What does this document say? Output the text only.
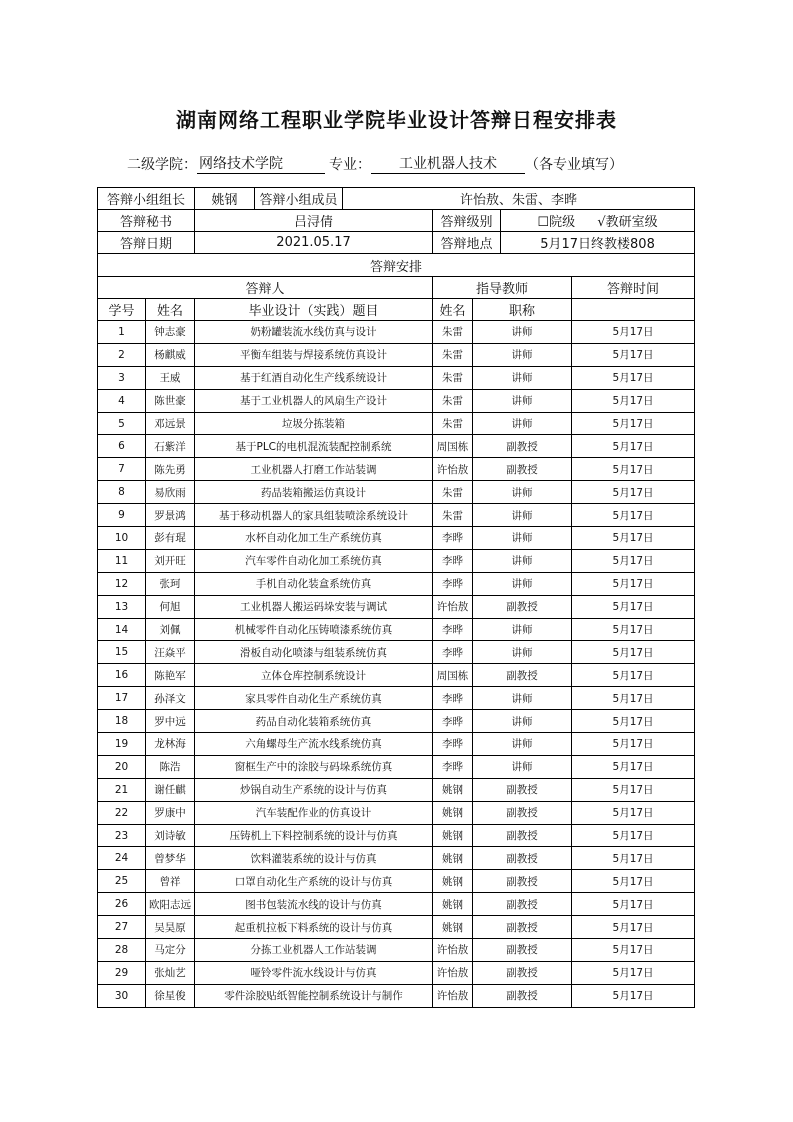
湖南网络工程职业学院毕业设计答辩日程安排表
二级学院： 网络技术学院	专业：	工业机器人技术	（各专业填写）
答辩小组组长		姚钢	答辩小组成员	许怡敖、朱雷、李晔				
答辩秘书		吕浔倩			答辩级别		☐院级 √教研室级	
答辩日期		2021.05.17			答辩地点		5月17日终教楼808	
答辩安排								
答辩人					指导教师			答辩时间
学号	姓名	毕业设计（实践）题目			姓名	职称		
1	钟志豪	奶粉罐装流水线仿真与设计			朱雷	讲师		5月17日
2	杨麒威	平衡车组装与焊接系统仿真设计			朱雷	讲师		5月17日
3	王威	基于红酒自动化生产线系统设计			朱雷	讲师		5月17日
4	陈世豪	基于工业机器人的风扇生产设计			朱雷	讲师		5月17日
5	邓远景	垃圾分拣装箱			朱雷	讲师		5月17日
6	石紫洋	基于PLC的电机混流装配控制系统			周国栋	副教授		5月17日
7	陈先勇	工业机器人打磨工作站装调			许怡敖	副教授		5月17日
8	易欣雨	药品装箱搬运仿真设计			朱雷	讲师		5月17日
9	罗景鸿	基于移动机器人的家具组装喷涂系统设计			朱雷	讲师		5月17日
10	彭有琨	水杯自动化加工生产系统仿真			李晔	讲师		5月17日
11	刘开旺	汽车零件自动化加工系统仿真			李晔	讲师		5月17日
12	张珂	手机自动化装盒系统仿真			李晔	讲师		5月17日
13	何旭	工业机器人搬运码垛安装与调试			许怡敖	副教授		5月17日
14	刘佩	机械零件自动化压铸喷漆系统仿真			李晔	讲师		5月17日
15	汪焱平	滑板自动化喷漆与组装系统仿真			李晔	讲师		5月17日
16	陈艳军	立体仓库控制系统设计			周国栋	副教授		5月17日
17	孙泽文	家具零件自动化生产系统仿真			李晔	讲师		5月17日
18	罗中远	药品自动化装箱系统仿真			李晔	讲师		5月17日
19	龙林海	六角螺母生产流水线系统仿真			李晔	讲师		5月17日
20	陈浩	窗框生产中的涂胶与码垛系统仿真			李晔	讲师		5月17日
21	谢任麒	炒锅自动生产系统的设计与仿真			姚钢	副教授		5月17日
22	罗康中	汽车装配作业的仿真设计			姚钢	副教授		5月17日
23	刘诗敏	压铸机上下料控制系统的设计与仿真			姚钢	副教授		5月17日
24	曾梦华	饮料灌装系统的设计与仿真			姚钢	副教授		5月17日
25	曾祥	口罩自动化生产系统的设计与仿真			姚钢	副教授		5月17日
26	欧阳志远	图书包装流水线的设计与仿真			姚钢	副教授		5月17日
27	吴昊原	起重机拉板下料系统的设计与仿真			姚钢	副教授		5月17日
28	马定分	分拣工业机器人工作站装调			许怡敖	副教授		5月17日
29	张灿艺	哑铃零件流水线设计与仿真			许怡敖	副教授		5月17日
30	徐星俊	零件涂胶贴纸智能控制系统设计与制作			许怡敖	副教授		5月17日
